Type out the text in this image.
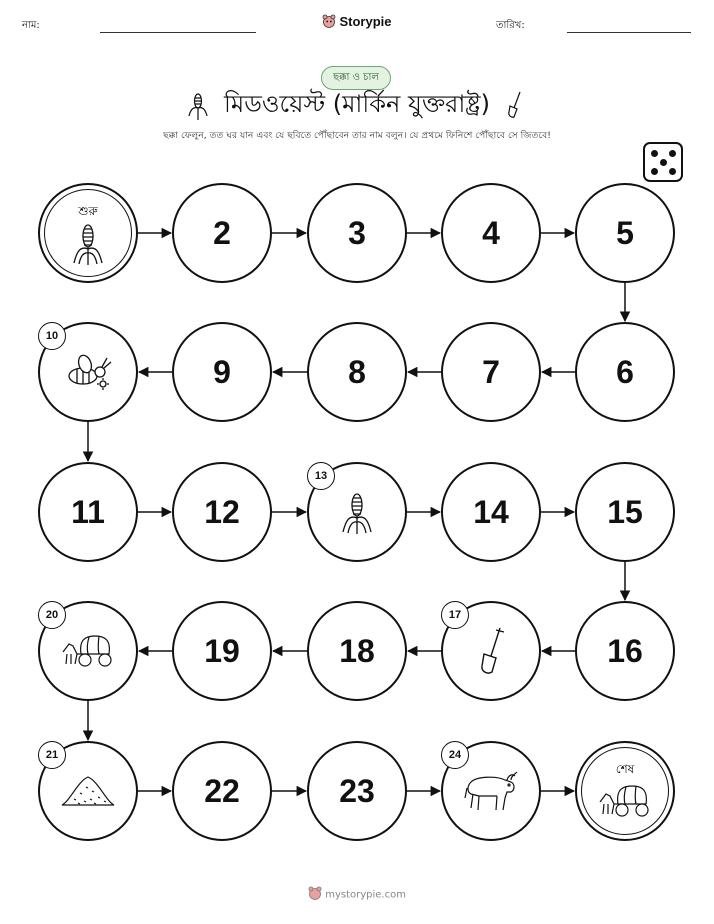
নাম:	Storypie	তারিখ:
ছক্কা ও চাল
মিডওয়েস্ট (মার্কিন যুক্তরাষ্ট্র)
ছক্কা ফেলুন, তত ঘর যান এবং যে ছবিতে পৌঁছাবেন তার নাম বলুন। যে প্রথমে ফিনিশে পৌঁছাবে সে জিতবে!
শুরু
2	3	4	5
6
7
8
9
10
11	12
13
14	15
16
17
18
19
20
21
22	23
24
শেষ
mystorypie.com
